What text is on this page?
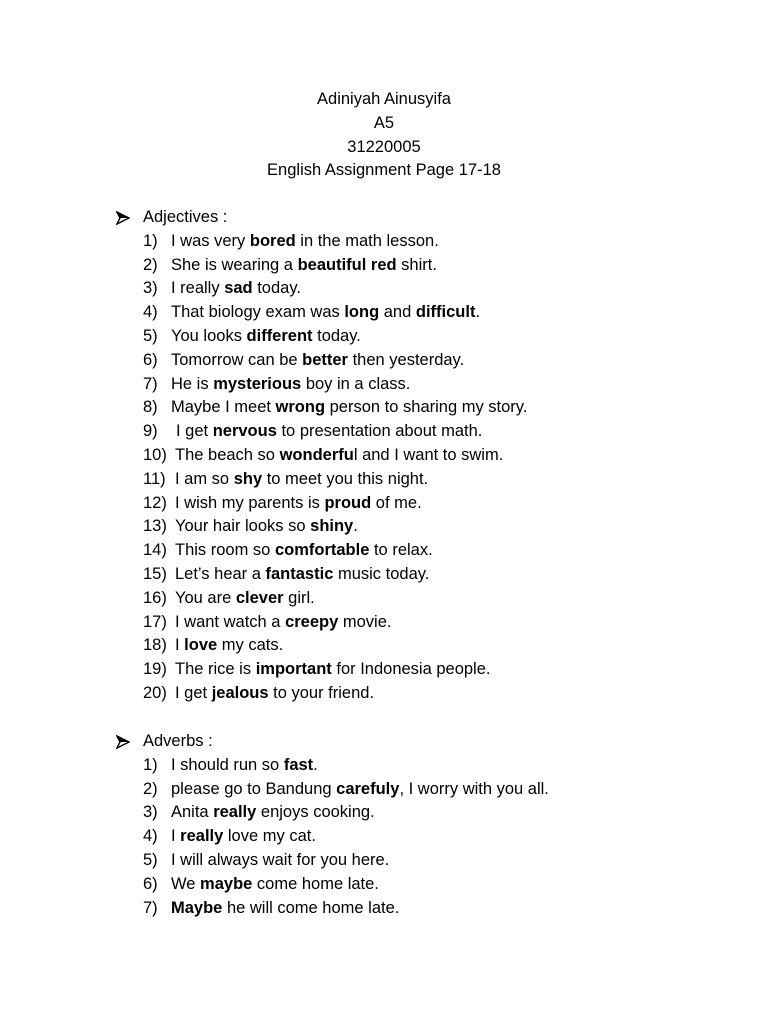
Adiniyah Ainusyifa
A5
31220005
English Assignment Page 17-18
Adjectives :
1) I was very bored in the math lesson.
2) She is wearing a beautiful red shirt.
3) I really sad today.
4) That biology exam was long and difficult.
5) You looks different today.
6) Tomorrow can be better then yesterday.
7) He is mysterious boy in a class.
8) Maybe I meet wrong person to sharing my story.
9) I get nervous to presentation about math.
10) The beach so wonderful and I want to swim.
11) I am so shy to meet you this night.
12) I wish my parents is proud of me.
13) Your hair looks so shiny.
14) This room so comfortable to relax.
15) Let’s hear a fantastic music today.
16) You are clever girl.
17) I want watch a creepy movie.
18) I love my cats.
19) The rice is important for Indonesia people.
20) I get jealous to your friend.
Adverbs :
1) I should run so fast.
2) please go to Bandung carefuly, I worry with you all.
3) Anita really enjoys cooking.
4) I really love my cat.
5) I will always wait for you here.
6) We maybe come home late.
7) Maybe he will come home late.
